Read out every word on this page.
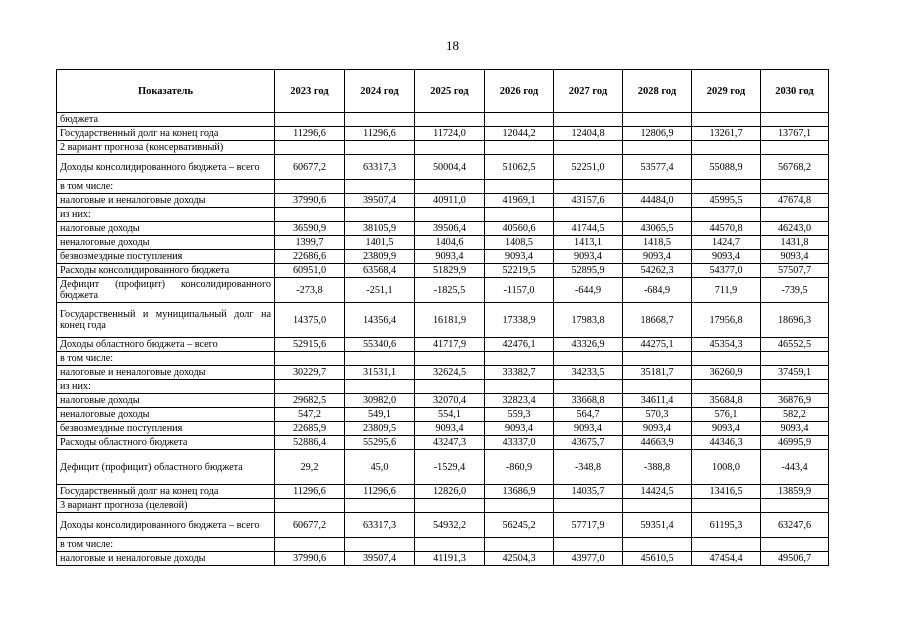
18
Показатель	2023 год	2024 год	2025 год	2026 год	2027 год	2028 год	2029 год	2030 год
бюджета								
Государственный долг на конец года	11296,6	11296,6	11724,0	12044,2	12404,8	12806,9	13261,7	13767,1
2 вариант прогноза (консервативный)								
Доходы консолидированного бюджета – всего	60677,2	63317,3	50004,4	51062,5	52251,0	53577,4	55088,9	56768,2
в том числе:								
налоговые и неналоговые доходы	37990,6	39507,4	40911,0	41969,1	43157,6	44484,0	45995,5	47674,8
из них:								
налоговые доходы	36590,9	38105,9	39506,4	40560,6	41744,5	43065,5	44570,8	46243,0
неналоговые доходы	1399,7	1401,5	1404,6	1408,5	1413,1	1418,5	1424,7	1431,8
безвозмездные поступления	22686,6	23809,9	9093,4	9093,4	9093,4	9093,4	9093,4	9093,4
Расходы консолидированного бюджета	60951,0	63568,4	51829,9	52219,5	52895,9	54262,3	54377,0	57507,7
Дефицит (профицит) консолидированного бюджета	-273,8	-251,1	-1825,5	-1157,0	-644,9	-684,9	711,9	-739,5
Государственный и муниципальный долг на конец года	14375,0	14356,4	16181,9	17338,9	17983,8	18668,7	17956,8	18696,3
Доходы областного бюджета – всего	52915,6	55340,6	41717,9	42476,1	43326,9	44275,1	45354,3	46552,5
в том числе:								
налоговые и неналоговые доходы	30229,7	31531,1	32624,5	33382,7	34233,5	35181,7	36260,9	37459,1
из них:								
налоговые доходы	29682,5	30982,0	32070,4	32823,4	33668,8	34611,4	35684,8	36876,9
неналоговые доходы	547,2	549,1	554,1	559,3	564,7	570,3	576,1	582,2
безвозмездные поступления	22685,9	23809,5	9093,4	9093,4	9093,4	9093,4	9093,4	9093,4
Расходы областного бюджета	52886,4	55295,6	43247,3	43337,0	43675,7	44663,9	44346,3	46995,9
Дефицит (профицит) областного бюджета	29,2	45,0	-1529,4	-860,9	-348,8	-388,8	1008,0	-443,4
Государственный долг на конец года	11296,6	11296,6	12826,0	13686,9	14035,7	14424,5	13416,5	13859,9
3 вариант прогноза (целевой)								
Доходы консолидированного бюджета – всего	60677,2	63317,3	54932,2	56245,2	57717,9	59351,4	61195,3	63247,6
в том числе:								
налоговые и неналоговые доходы	37990,6	39507,4	41191,3	42504,3	43977,0	45610,5	47454,4	49506,7
